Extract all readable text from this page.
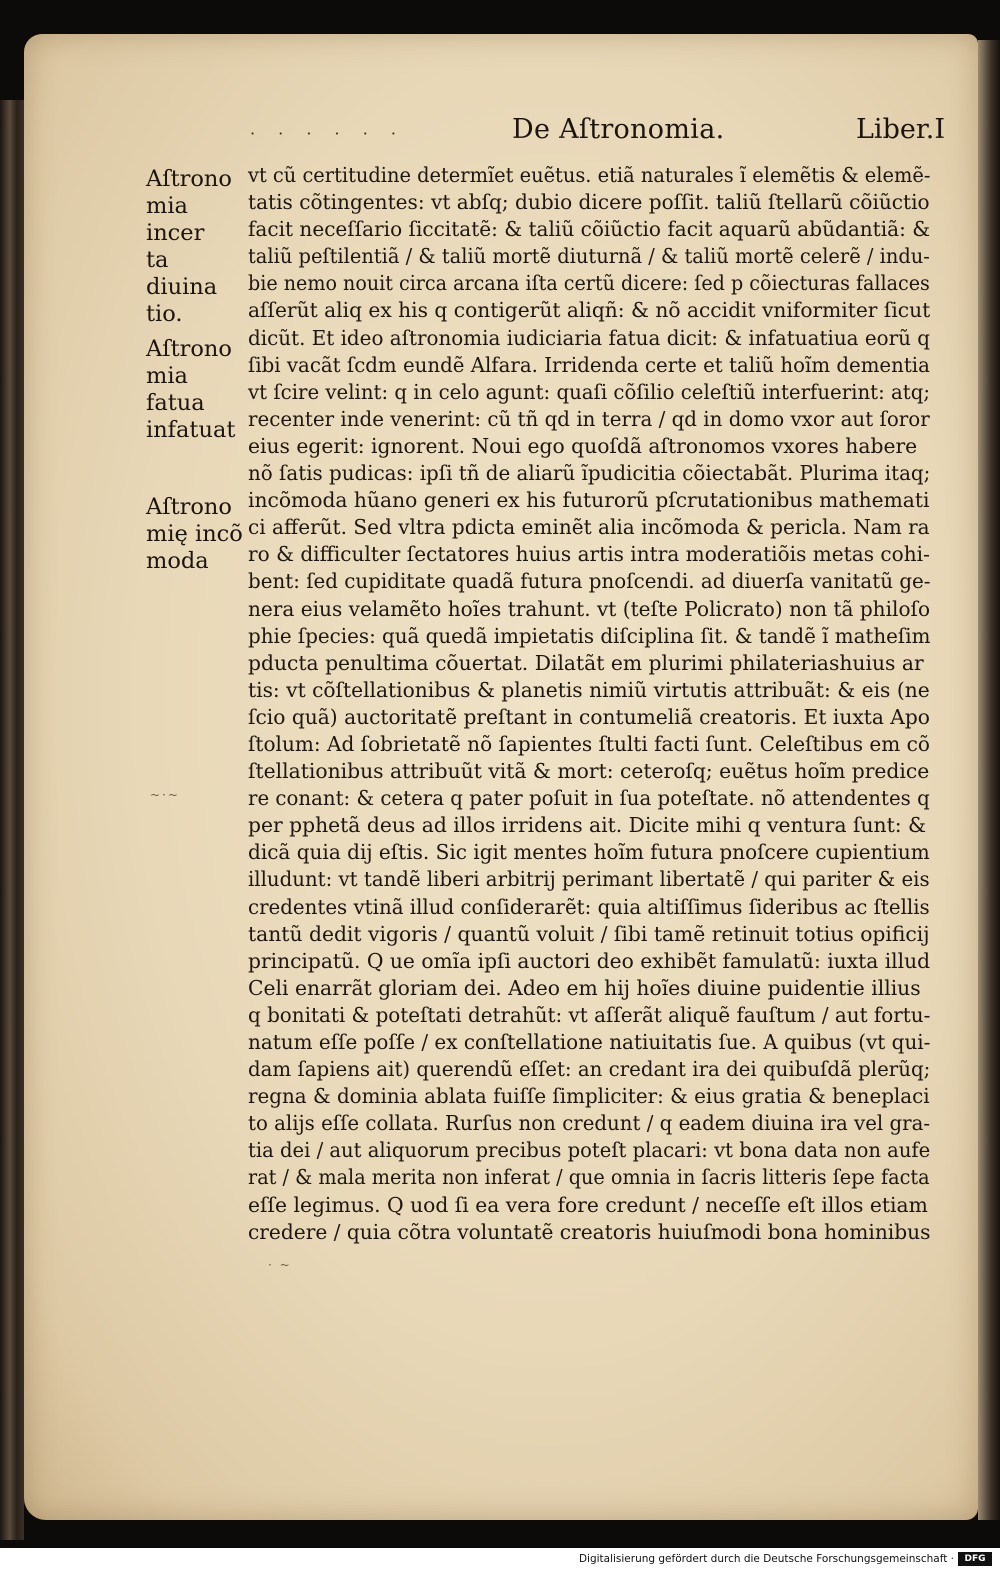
· · · · · ·	De Aſtronomia.	Liber.I
Aſtrono
mia incer
ta diuina
tio.
Aſtrono
mia fatua
infatuat
Aſtrono
mię incõ
moda
vt cũ certitudine determĩet euẽtus. etiã naturales ĩ elemẽtis & elemẽ-
tatis cõtingentes: vt abſq; dubio dicere poſſit. taliũ ſtellarũ cõiũctio
facit neceſſario ſiccitatẽ: & taliũ cõiũctio facit aquarũ abũdantiã: &
taliũ peſtilentiã / & taliũ mortẽ diuturnã / & taliũ mortẽ celerẽ / indu-
bie nemo nouit circa arcana iſta certũ dicere: ſed p cõiecturas fallaces
aſſerũt aliq ex his q contigerũt aliqñ: & nõ accidit vniformiter ſicut
dicũt. Et ideo aſtronomia iudiciaria fatua dicit: & infatuatiua eorũ q
ſibi vacãt ſcdm eundẽ Alfara. Irridenda certe et taliũ hoĩm dementia
vt ſcire velint: q in celo agunt: quaſi cõſilio celeſtiũ interfuerint: atq;
recenter inde venerint: cũ tñ qd in terra / qd in domo vxor aut ſoror
eius egerit: ignorent. Noui ego quoſdã aſtronomos vxores habere
nõ ſatis pudicas: ipſi tñ de aliarũ ĩpudicitia cõiectabãt. Plurima itaq;
incõmoda hũano generi ex his futurorũ pſcrutationibus mathemati
ci afferũt. Sed vltra pdicta eminẽt alia incõmoda & pericla. Nam ra
ro & difficulter ſectatores huius artis intra moderatiõis metas cohi-
bent: ſed cupiditate quadã futura pnoſcendi. ad diuerſa vanitatũ ge-
nera eius velamẽto hoĩes trahunt. vt (teſte Policrato) non tã philoſo
phie ſpecies: quã quedã impietatis diſciplina ſit. & tandẽ ĩ matheſim
pducta penultima cõuertat. Dilatãt em plurimi philateriashuius ar
tis: vt cõſtellationibus & planetis nimiũ virtutis attribuãt: & eis (ne
ſcio quã) auctoritatẽ preſtant in contumeliã creatoris. Et iuxta Apo
ſtolum: Ad ſobrietatẽ nõ ſapientes ſtulti facti ſunt. Celeſtibus em cõ
ſtellationibus attribuũt vitã & mort: ceteroſq; euẽtus hoĩm predice
re conant: & cetera q pater poſuit in ſua poteſtate. nõ attendentes q
per pphetã deus ad illos irridens ait. Dicite mihi q ventura ſunt: &
dicã quia dij eſtis. Sic igit mentes hoĩm futura pnoſcere cupientium
illudunt: vt tandẽ liberi arbitrij perimant libertatẽ / qui pariter & eis
credentes vtinã illud conſiderarẽt: quia altiſſimus ſideribus ac ſtellis
tantũ dedit vigoris / quantũ voluit / ſibi tamẽ retinuit totius opificij
principatũ. Q ue omĩa ipſi auctori deo exhibẽt famulatũ: iuxta illud
Celi enarrãt gloriam dei. Adeo em hij hoĩes diuine puidentie illius
q bonitati & poteſtati detrahũt: vt aſſerãt aliquẽ fauſtum / aut fortu-
natum eſſe poſſe / ex conſtellatione natiuitatis ſue. A quibus (vt qui-
dam ſapiens ait) querendũ eſſet: an credant ira dei quibuſdã plerũq;
regna & dominia ablata fuiſſe ſimpliciter: & eius gratia & beneplaci
to alijs eſſe collata. Rurſus non credunt / q eadem diuina ira vel gra-
tia dei / aut aliquorum precibus poteſt placari: vt bona data non aufe
rat / & mala merita non inferat / que omnia in ſacris litteris ſepe facta
eſſe legimus. Q uod ſi ea vera fore credunt / neceſſe eſt illos etiam
credere / quia cõtra voluntatẽ creatoris huiuſmodi bona hominibus
~·~
· ~
Digitalisierung gefördert durch die Deutsche Forschungsgemeinschaft ·	DFG
